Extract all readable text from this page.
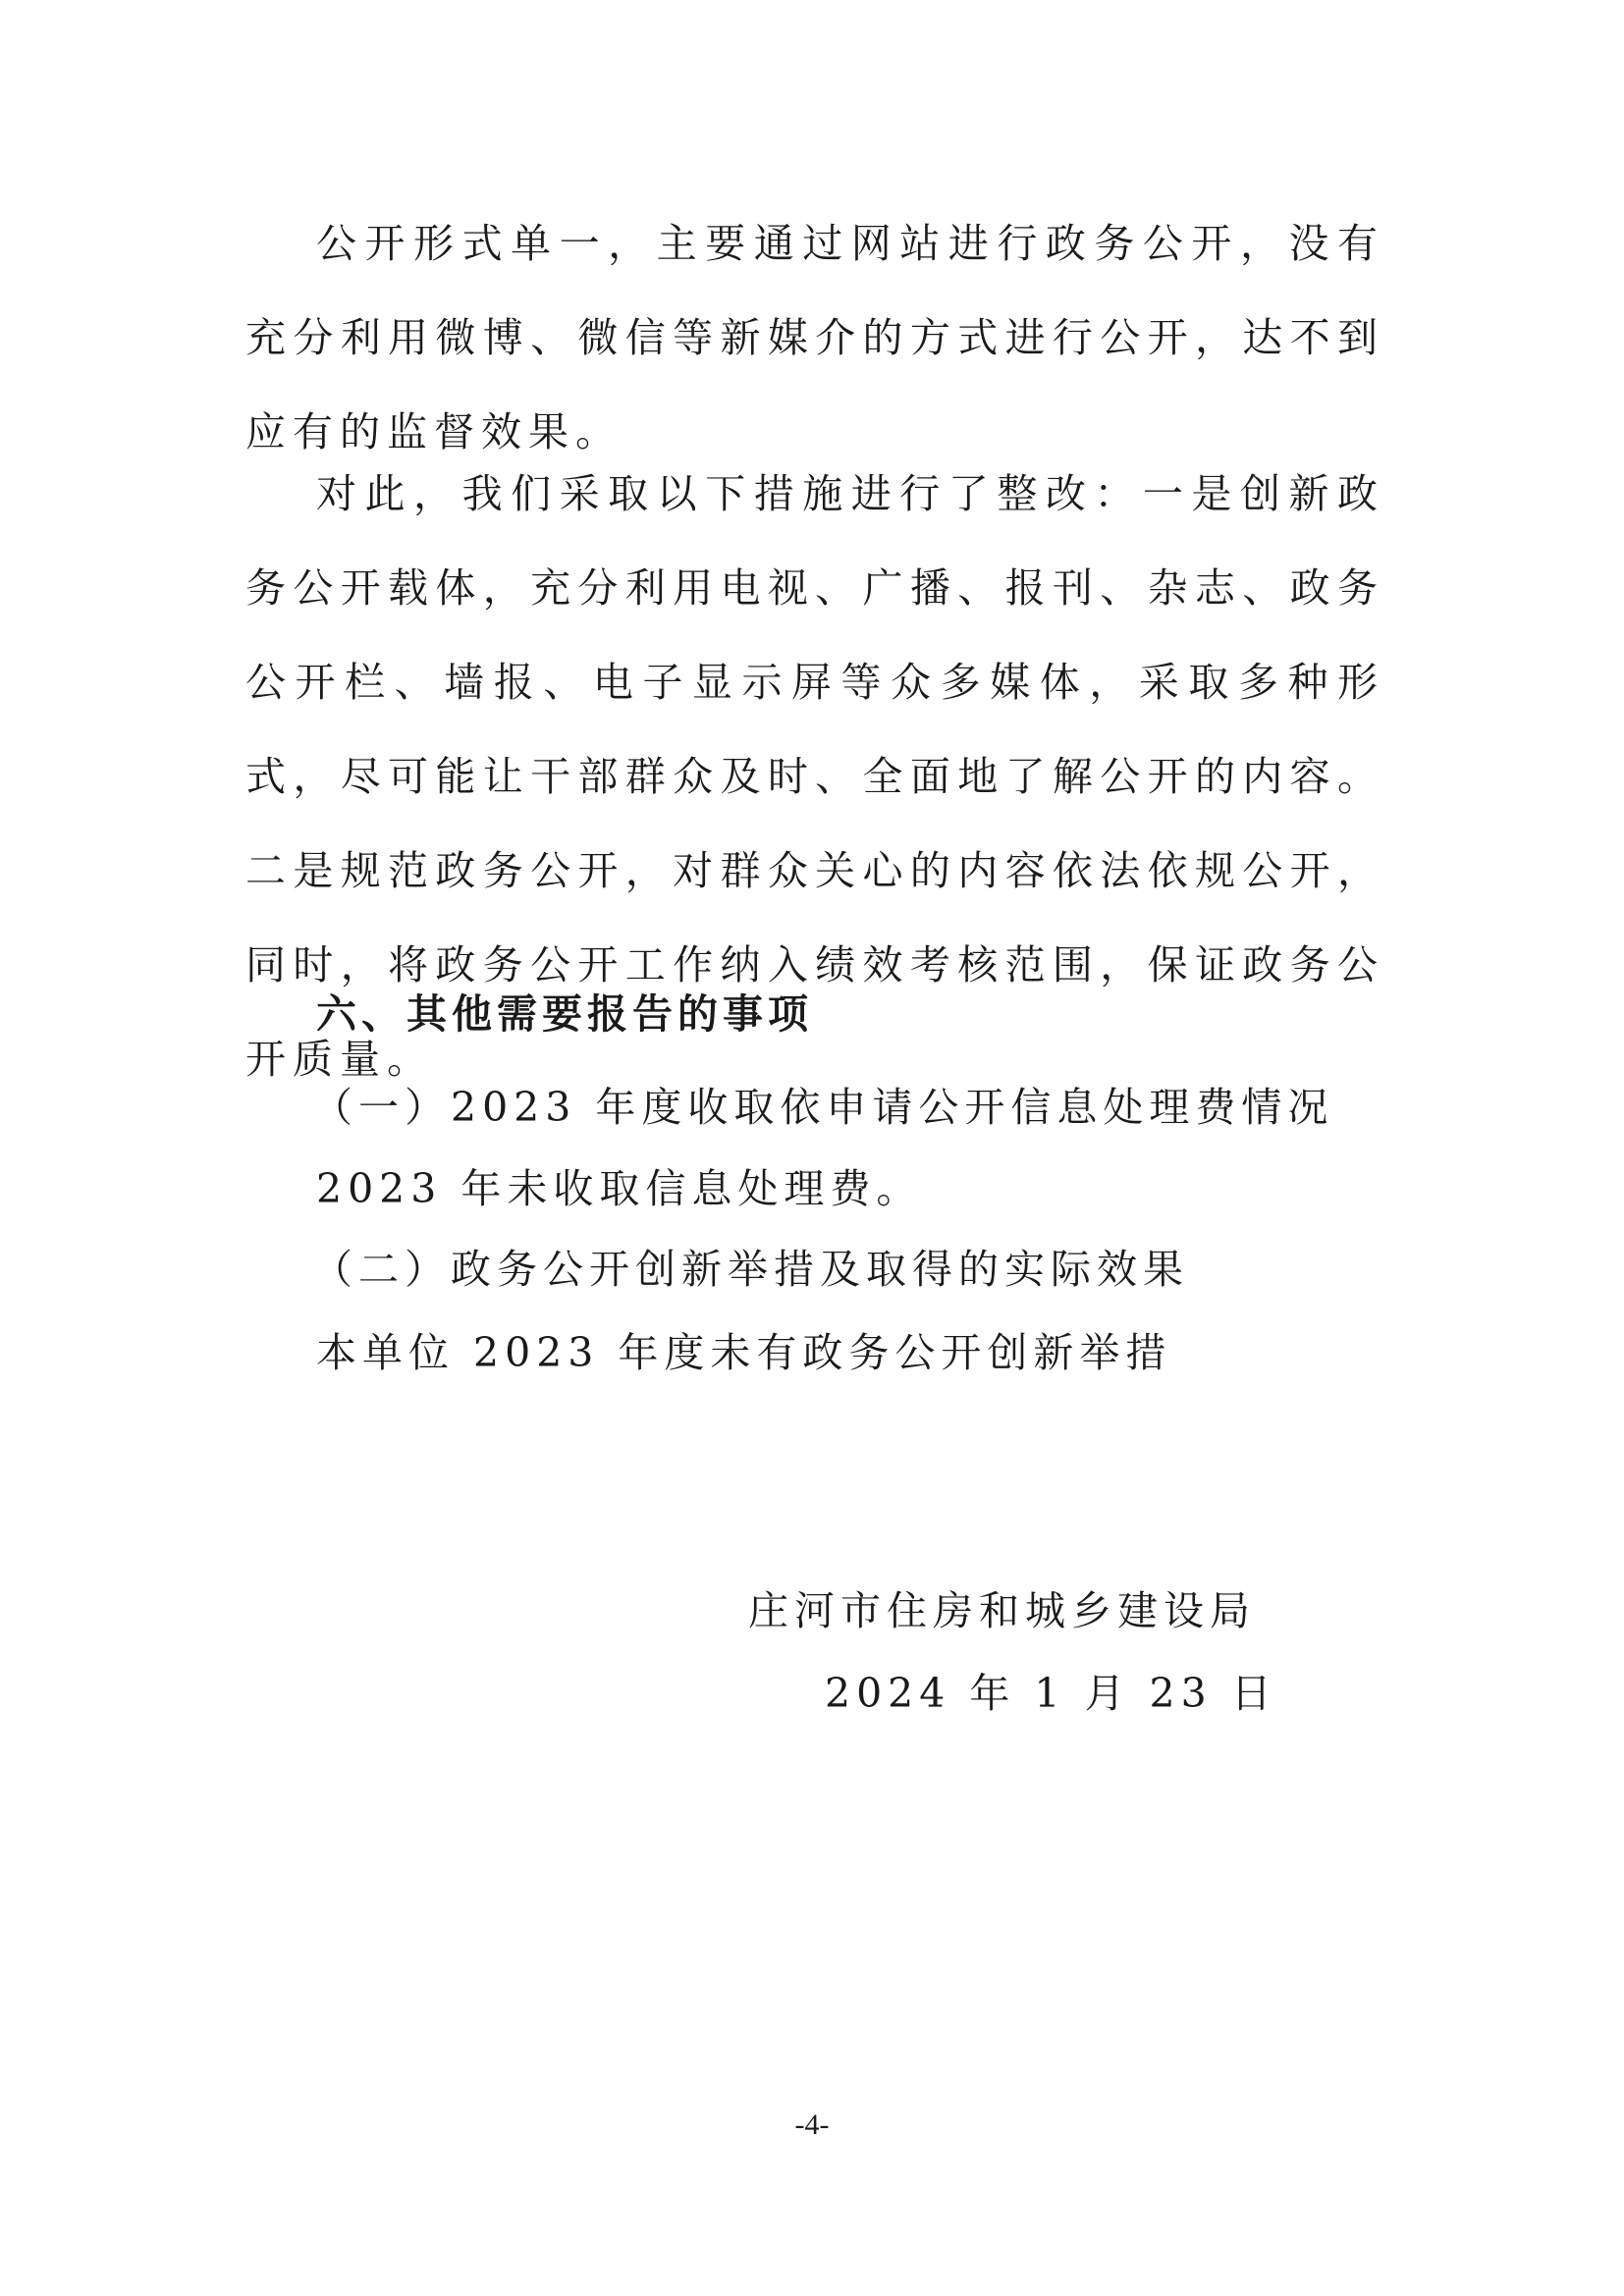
公开形式单一，主要通过网站进行政务公开，没有充分利用微博、微信等新媒介的方式进行公开，达不到应有的监督效果。

对此，我们采取以下措施进行了整改：一是创新政务公开载体，充分利用电视、广播、报刊、杂志、政务公开栏、墙报、电子显示屏等众多媒体，采取多种形式，尽可能让干部群众及时、全面地了解公开的内容。二是规范政务公开，对群众关心的内容依法依规公开，同时，将政务公开工作纳入绩效考核范围，保证政务公开质量。

六、其他需要报告的事项

（一）2023 年度收取依申请公开信息处理费情况

2023 年未收取信息处理费。

（二）政务公开创新举措及取得的实际效果

本单位 2023 年度未有政务公开创新举措

庄河市住房和城乡建设局

2024 年 1 月 23 日

-4-
